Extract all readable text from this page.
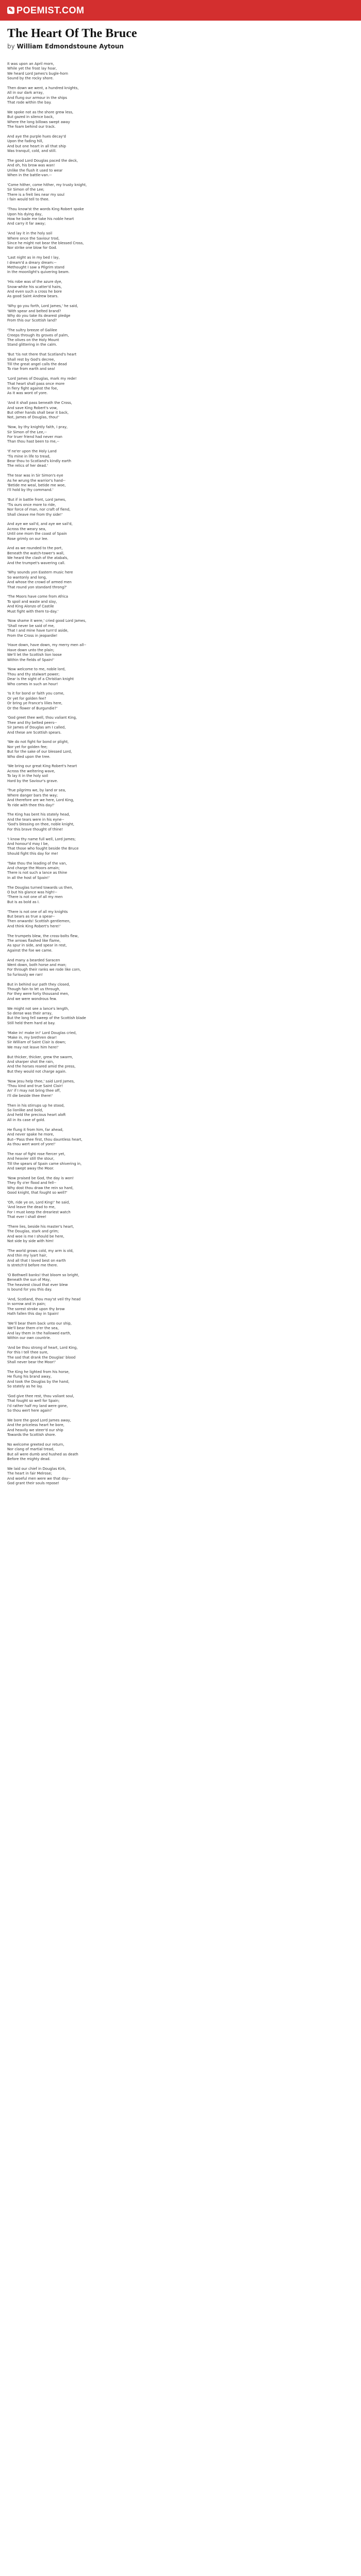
✎ POEMIST.COM
The Heart Of The Bruce
by William Edmondstoune Aytoun
It was upon an April morn,
While yet the frost lay hoar,
We heard Lord James's bugle-horn
Sound by the rocky shore.
Then down we went, a hundred knights,
All in our dark array,
And flung our armour in the ships
That rode within the bay.
We spoke not as the shore grew less,
But gazed in silence back,
Where the long billows swept away
The foam behind our track.
And aye the purple hues decay'd
Upon the fading hill,
And but one heart in all that ship
Was tranquil, cold, and still.
The good Lord Douglas paced the deck,
And oh, his brow was wan!
Unlike the flush it used to wear
When in the battle-van.--
'Come hither, come hither, my trusty knight,
Sir Simon of the Lee;
There is a freit lies near my soul
I fain would tell to thee.
'Thou know'st the words King Robert spoke
Upon his dying day,
How he bade me take his noble heart
And carry it far away;
'And lay it in the holy soil
Where once the Saviour trod,
Since he might not bear the blessed Cross,
Nor strike one blow for God.
'Last night as in my bed I lay,
I dream'd a dreary dream:--
Methought I saw a Pilgrim stand
In the moonlight's quivering beam.
'His robe was of the azure dye,
Snow-white his scatter'd hairs,
And even such a cross he bore
As good Saint Andrew bears.
'Why go you forth, Lord James,' he said,
'With spear and belted brand?
Why do you take its dearest pledge
From this our Scottish land?
'The sultry breeze of Galilee
Creeps through its groves of palm,
The olives on the Holy Mount
Stand glittering in the calm.
'But 'tis not there that Scotland's heart
Shall rest by God's decree,
Till the great angel calls the dead
To rise from earth and sea!
'Lord James of Douglas, mark my rede!
That heart shall pass once more
In fiery fight against the foe,
As it was wont of yore.
'And it shall pass beneath the Cross,
And save King Robert's vow,
But other hands shall bear it back,
Not, James of Douglas, thou!'
'Now, by thy knightly faith, I pray,
Sir Simon of the Lee,--
For truer friend had never man
Than thou hast been to me,--
'If ne'er upon the Holy Land
'Tis mine in life to tread,
Bear thou to Scotland's kindly earth
The relics of her dead.'
The tear was in Sir Simon's eye
As he wrung the warrior's hand--
'Betide me weal, betide me woe,
I'll hold by thy command.'
'But if in battle front, Lord James,
'Tis ours once more to ride,
Nor force of man, nor craft of fiend,
Shall cleave me from thy side!'
And aye we sail'd, and aye we sail'd,
Across the weary sea,
Until one morn the coast of Spain
Rose grimly on our lee.
And as we rounded to the port,
Beneath the watch-tower's wall,
We heard the clash of the atabals,
And the trumpet's wavering call.
'Why sounds yon Eastern music here
So wantonly and long,
And whose the crowd of armed men
That round yon standard throng?'
'The Moors have come from Africa
To spoil and waste and slay,
And King Alonzo of Castile
Must fight with them to-day.'
'Now shame it were,' cried good Lord James,
'Shall never be said of me,
That I and mine have turn'd aside,
From the Cross in jeopardie!
'Have down, have down, my merry men all--
Have down unto the plain;
We'll let the Scottish lion loose
Within the fields of Spain!'
'Now welcome to me, noble lord,
Thou and thy stalwart power;
Dear is the sight of a Christian knight
Who comes in such an hour!
'Is it for bond or faith you come,
Or yet for golden fee?
Or bring ye France's lilies here,
Or the flower of Burgundie?'
'God greet thee well, thou valiant King,
Thee and thy belted peers--
Sir James of Douglas am I called,
And these are Scottish spears.
'We do not fight for bond or plight,
Nor yet for golden fee;
But for the sake of our blessed Lord,
Who died upon the tree.
'We bring our great King Robert's heart
Across the weltering wave,
To lay it in the holy soil
Hard by the Saviour's grave.
'True pilgrims we, by land or sea,
Where danger bars the way;
And therefore are we here, Lord King,
To ride with thee this day!'
The King has bent his stately head,
And the tears were in his eyne--
'God's blessing on thee, noble knight,
For this brave thought of thine!
'I know thy name full well, Lord James;
And honour'd may I be,
That those who fought beside the Bruce
Should fight this day for me!
'Take thou the leading of the van,
And charge the Moors amain;
There is not such a lance as thine
In all the host of Spain!'
The Douglas turned towards us then,
O but his glance was high!--
'There is not one of all my men
But is as bold as I.
'There is not one of all my knights
But bears as true a spear--
Then onwards! Scottish gentlemen,
And think King Robert's here!'
The trumpets blew, the cross-bolts flew,
The arrows flashed like flame,
As spur in side, and spear in rest,
Against the foe we came.
And many a bearded Saracen
Went down, both horse and man;
For through their ranks we rode like corn,
So furiously we ran!
But in behind our path they closed,
Though fain to let us through,
For they were forty thousand men,
And we were wondrous few.
We might not see a lance's length,
So dense was their array,
But the long fell sweep of the Scottish blade
Still held them hard at bay.
'Make in! make in!' Lord Douglas cried,
'Make in, my brethren dear!
Sir William of Saint Clair is down;
We may not leave him here!'
But thicker, thicker, grew the swarm,
And sharper shot the rain,
And the horses reared amid the press,
But they would not charge again.
'Now Jesu help thee,' said Lord James,
'Thou kind and true Saint Clair!
An' if I may not bring thee off,
I'll die beside thee there!'
Then in his stirrups up he stood,
So lionlike and bold,
And held the precious heart aloft
All in its case of gold.
He flung it from him, far ahead,
And never spake he more,
But--'Pass thee first, thou dauntless heart,
As thou wert wont of yore!'
The roar of fight rose fiercer yet,
And heavier still the stour,
Till the spears of Spain came shivering in,
And swept away the Moor.
'Now praised be God, the day is won!
They fly o'er flood and fell--
Why dost thou draw the rein so hard,
Good knight, that fought so well?'
'Oh, ride ye on, Lord King!' he said,
'And leave the dead to me,
For I must keep the dreariest watch
That ever I shall dree!
'There lies, beside his master's heart,
The Douglas, stark and grim;
And woe is me I should be here,
Not side by side with him!
'The world grows cold, my arm is old,
And thin my lyart hair,
And all that I loved best on earth
Is stretch'd before me there.
'O Bothwell banks! that bloom so bright,
Beneath the sun of May,
The heaviest cloud that ever blew
Is bound for you this day.
'And, Scotland, thou may'st veil thy head
In sorrow and in pain;
The sorest stroke upon thy brow
Hath fallen this day in Spain!
'We'll bear them back unto our ship,
We'll bear them o'er the sea,
And lay them in the hallowed earth,
Within our own countrie.
'And be thou strong of heart, Lord King,
For this I tell thee sure,
The sod that drank the Douglas' blood
Shall never bear the Moor!'
The King he lighted from his horse,
He flung his brand away,
And took the Douglas by the hand,
So stately as he lay.
'God give thee rest, thou valiant soul,
That fought so well for Spain;
I'd rather half my land were gone,
So thou wert here again!'
We bore the good Lord James away,
And the priceless heart he bore,
And heavily we steer'd our ship
Towards the Scottish shore.
No welcome greeted our return,
Nor clang of martial tread,
But all were dumb and hushed as death
Before the mighty dead.
We laid our chief in Douglas Kirk,
The heart in fair Melrose;
And woeful men were we that day--
God grant their souls repose!
